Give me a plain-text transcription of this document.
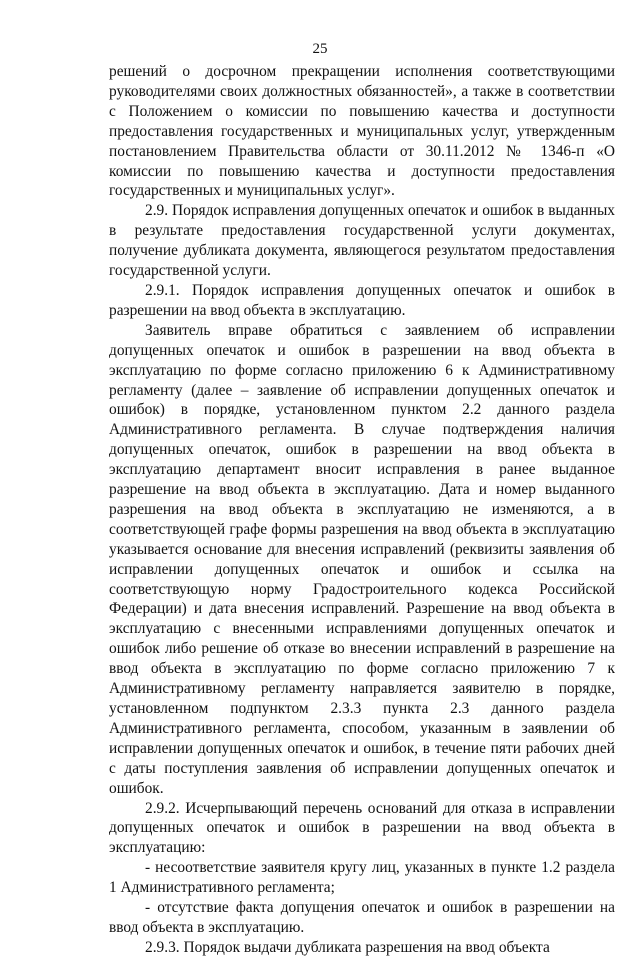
25

решений о досрочном прекращении исполнения соответствующими руководителями своих должностных обязанностей», а также в соответствии с Положением о комиссии по повышению качества и доступности предоставления государственных и муниципальных услуг, утвержденным постановлением Правительства области от 30.11.2012 № 1346-п «О комиссии по повышению качества и доступности предоставления государственных и муниципальных услуг».

2.9. Порядок исправления допущенных опечаток и ошибок в выданных в результате предоставления государственной услуги документах, получение дубликата документа, являющегося результатом предоставления государственной услуги.

2.9.1. Порядок исправления допущенных опечаток и ошибок в разрешении на ввод объекта в эксплуатацию.

Заявитель вправе обратиться с заявлением об исправлении допущенных опечаток и ошибок в разрешении на ввод объекта в эксплуатацию по форме согласно приложению 6 к Административному регламенту (далее – заявление об исправлении допущенных опечаток и ошибок) в порядке, установленном пунктом 2.2 данного раздела Административного регламента. В случае подтверждения наличия допущенных опечаток, ошибок в разрешении на ввод объекта в эксплуатацию департамент вносит исправления в ранее выданное разрешение на ввод объекта в эксплуатацию. Дата и номер выданного разрешения на ввод объекта в эксплуатацию не изменяются, а в соответствующей графе формы разрешения на ввод объекта в эксплуатацию указывается основание для внесения исправлений (реквизиты заявления об исправлении допущенных опечаток и ошибок и ссылка на соответствующую норму Градостроительного кодекса Российской Федерации) и дата внесения исправлений. Разрешение на ввод объекта в эксплуатацию с внесенными исправлениями допущенных опечаток и ошибок либо решение об отказе во внесении исправлений в разрешение на ввод объекта в эксплуатацию по форме согласно приложению 7 к Административному регламенту направляется заявителю в порядке, установленном подпунктом 2.3.3 пункта 2.3 данного раздела Административного регламента, способом, указанным в заявлении об исправлении допущенных опечаток и ошибок, в течение пяти рабочих дней с даты поступления заявления об исправлении допущенных опечаток и ошибок.

2.9.2. Исчерпывающий перечень оснований для отказа в исправлении допущенных опечаток и ошибок в разрешении на ввод объекта в эксплуатацию:

- несоответствие заявителя кругу лиц, указанных в пункте 1.2 раздела 1 Административного регламента;

- отсутствие факта допущения опечаток и ошибок в разрешении на ввод объекта в эксплуатацию.

2.9.3. Порядок выдачи дубликата разрешения на ввод объекта
